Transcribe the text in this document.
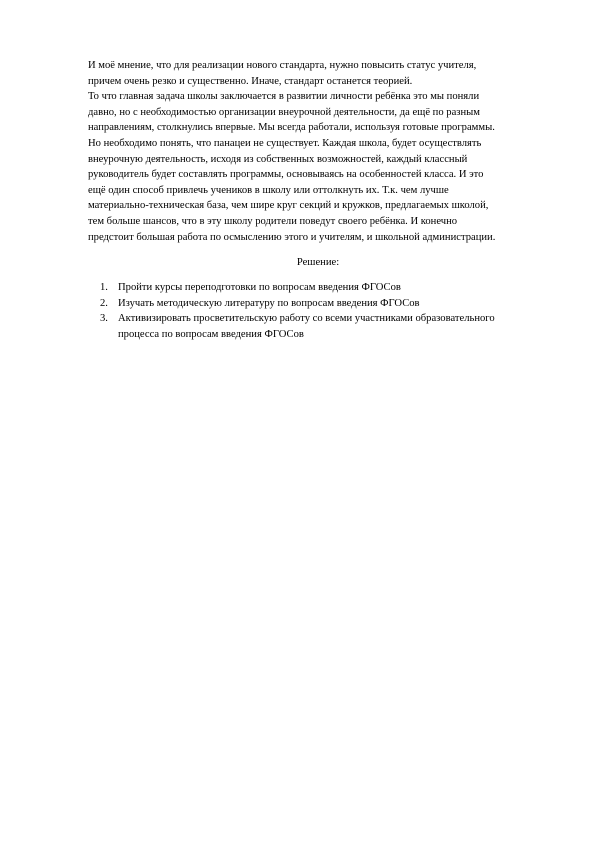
И моё мнение, что для реализации нового стандарта, нужно повысить статус учителя,
причем очень резко и существенно. Иначе, стандарт останется теорией.
То что главная задача школы заключается в развитии личности ребёнка это мы поняли
давно, но с необходимостью организации внеурочной деятельности, да ещё по разным
направлениям, столкнулись впервые. Мы всегда работали, используя готовые программы.
Но необходимо понять, что панацеи не существует. Каждая школа, будет осуществлять
внеурочную деятельность, исходя из собственных возможностей, каждый классный
руководитель будет составлять программы, основываясь на особенностей класса. И это
ещё один способ привлечь учеников в школу или оттолкнуть их. Т.к. чем лучше
материально-техническая база, чем шире круг секций и кружков, предлагаемых школой,
тем больше шансов, что в эту школу родители поведут своего ребёнка. И конечно
предстоит большая работа по осмыслению этого и учителям, и школьной администрации.
Решение:
1. Пройти курсы переподготовки по вопросам введения ФГОСов
2. Изучать методическую литературу по вопросам введения ФГОСов
3. Активизировать просветительскую работу со всеми участниками образовательного
процесса по вопросам введения ФГОСов
